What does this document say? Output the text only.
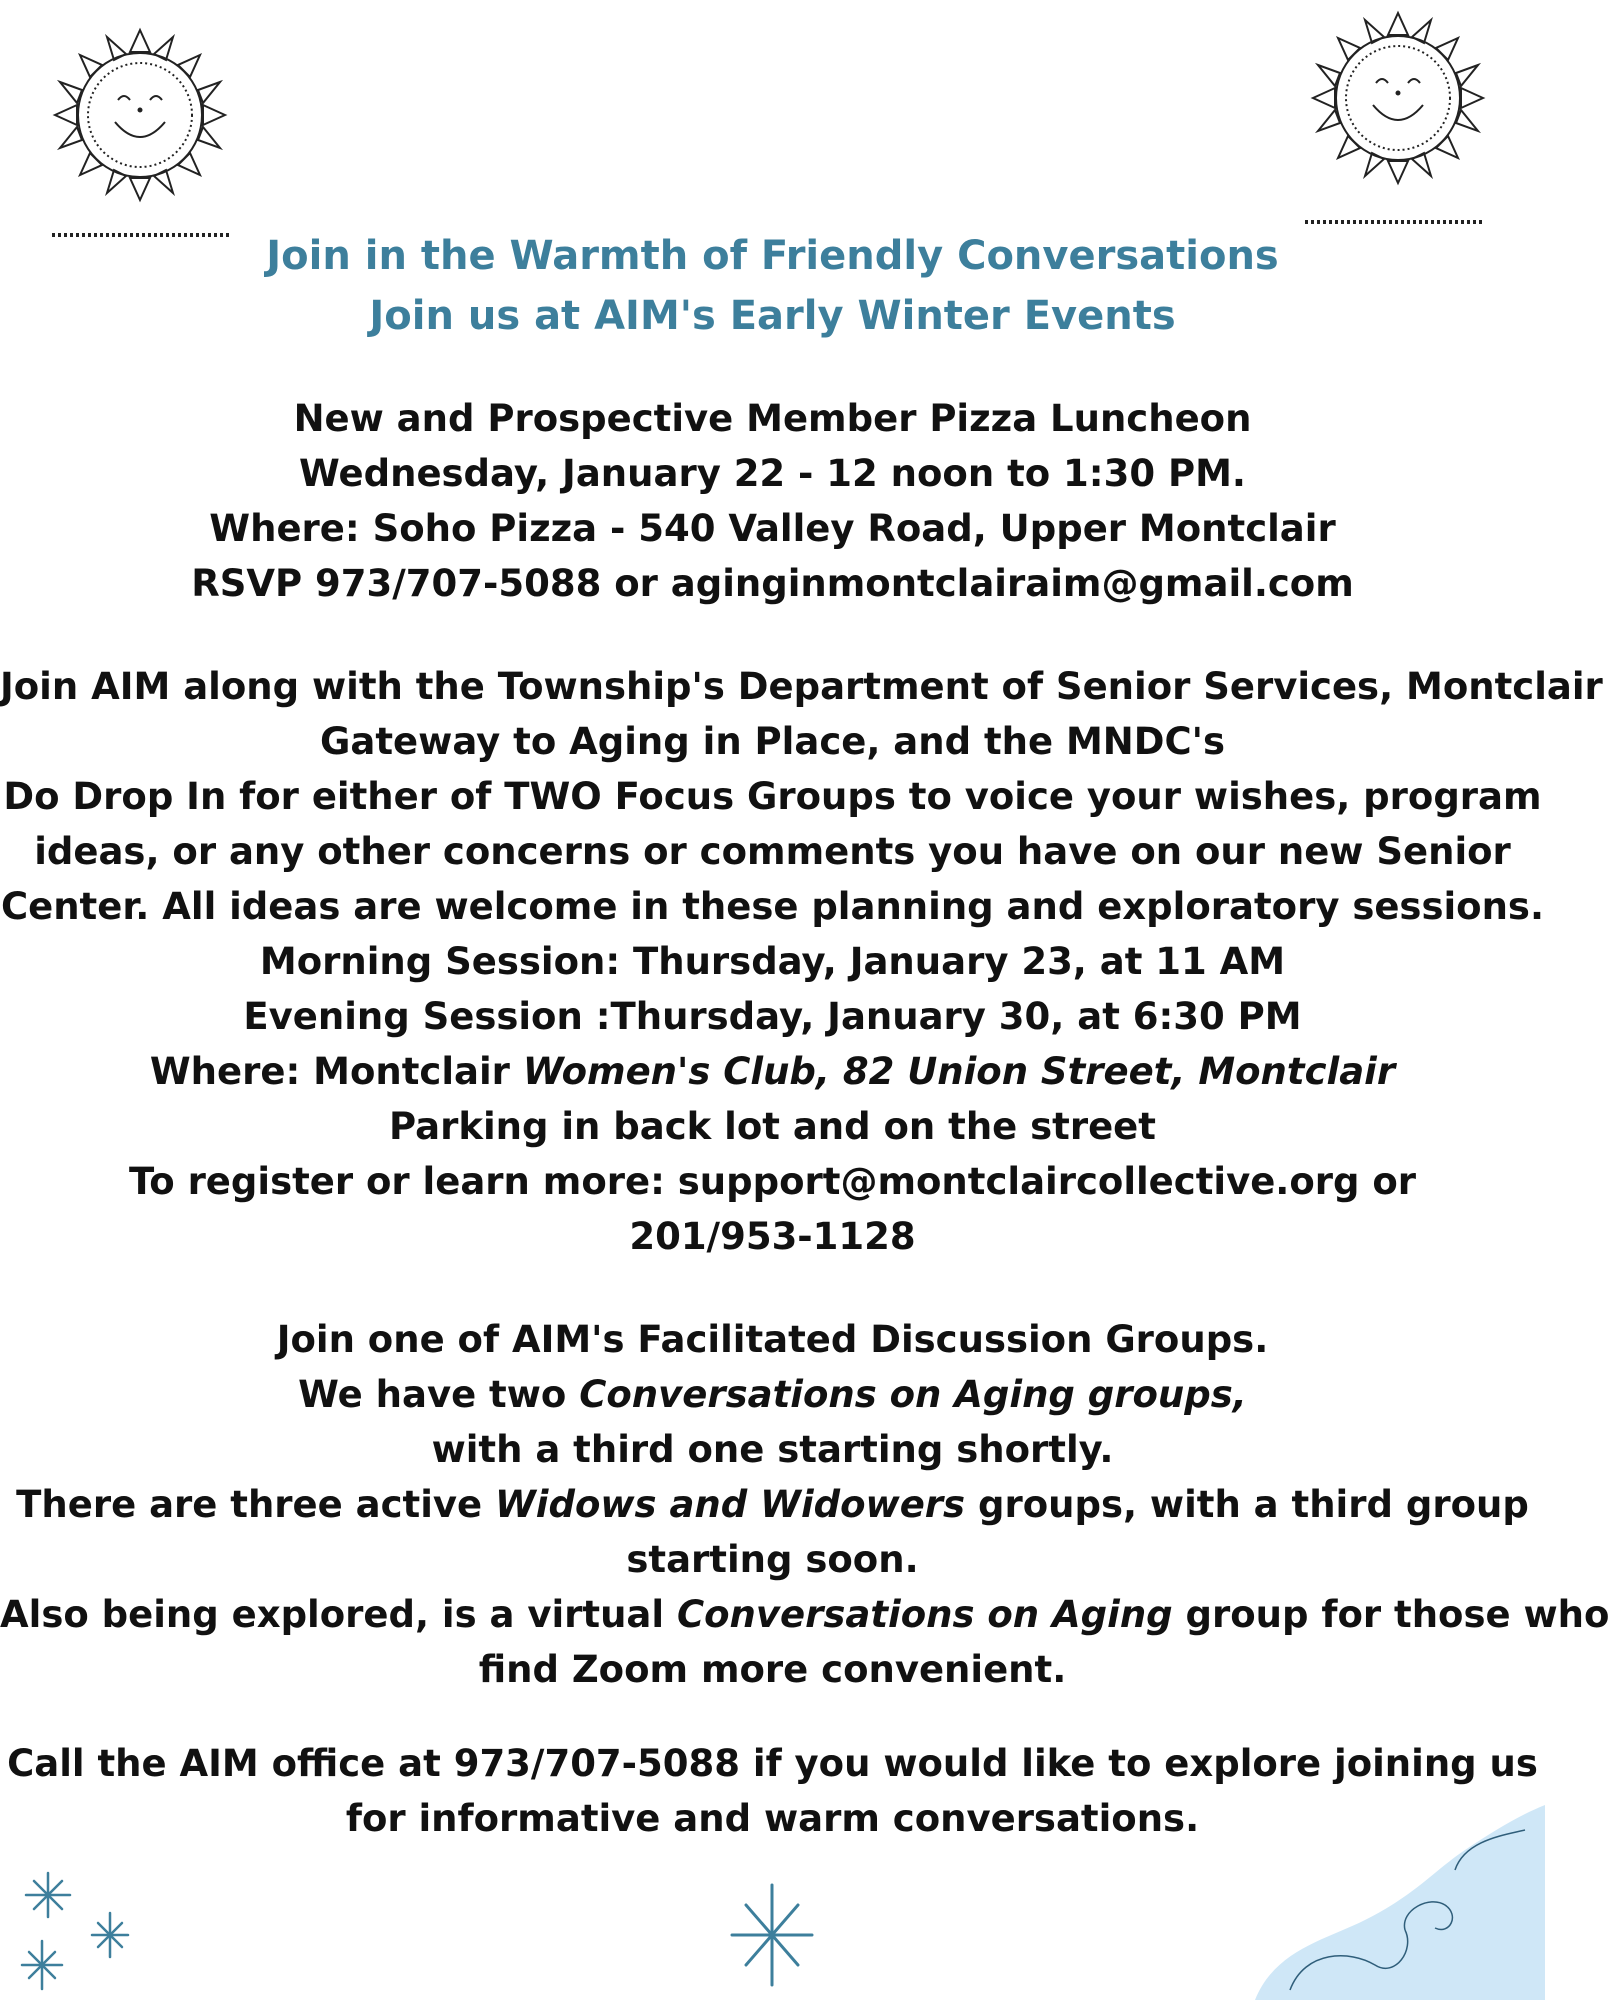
Join in the Warmth of Friendly Conversations
Join us at AIM's Early Winter Events
New and Prospective Member Pizza Luncheon
Wednesday, January 22 - 12 noon to 1:30 PM.
Where: Soho Pizza - 540 Valley Road, Upper Montclair
RSVP 973/707-5088 or aginginmontclairaim@gmail.com
Join AIM along with the Township's Department of Senior Services, Montclair
Gateway to Aging in Place, and the MNDC's
Do Drop In for either of TWO Focus Groups to voice your wishes, program
ideas, or any other concerns or comments you have on our new Senior
Center. All ideas are welcome in these planning and exploratory sessions.
Morning Session: Thursday, January 23, at 11 AM
Evening Session :Thursday, January 30, at 6:30 PM
Where: Montclair Women's Club, 82 Union Street, Montclair
Parking in back lot and on the street
To register or learn more: support@montclaircollective.org or
201/953-1128
Join one of AIM's Facilitated Discussion Groups.
We have two Conversations on Aging groups,
with a third one starting shortly.
There are three active Widows and Widowers groups, with a third group
starting soon.
Also being explored, is a virtual Conversations on Aging group for those who
find Zoom more convenient.
Call the AIM office at 973/707-5088 if you would like to explore joining us
for informative and warm conversations.
